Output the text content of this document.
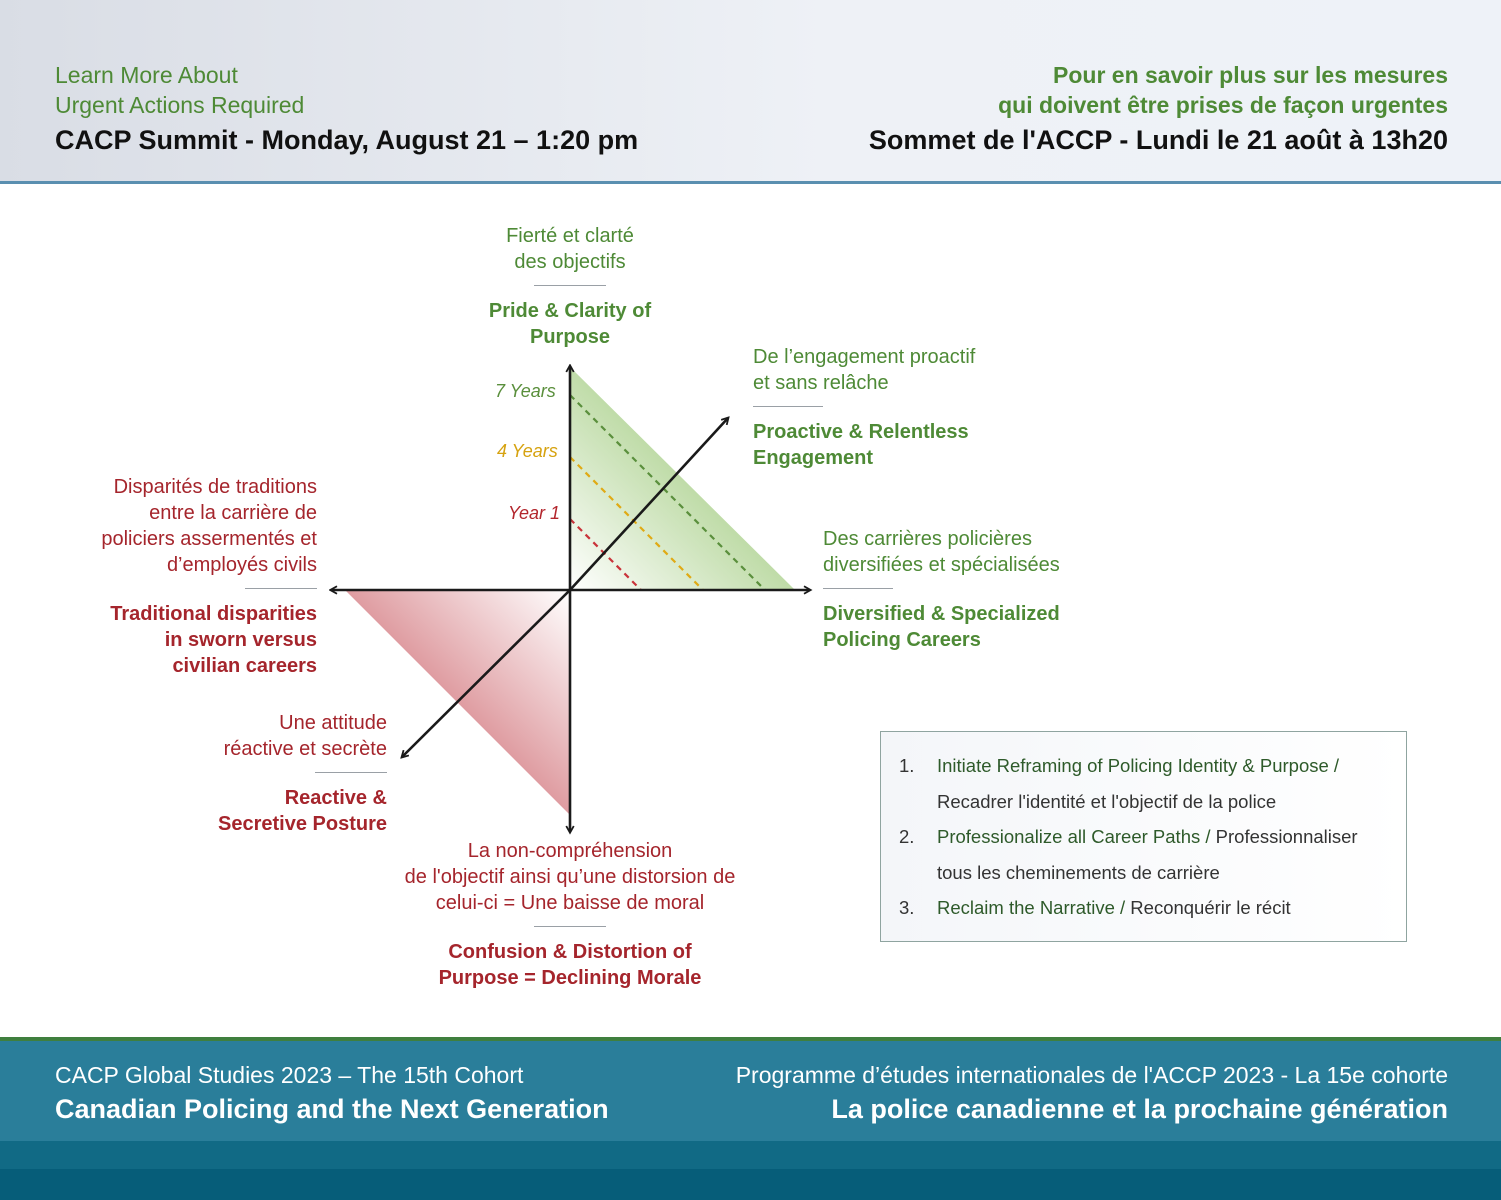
Learn More About
Urgent Actions Required
CACP Summit - Monday, August 21 – 1:20 pm
Pour en savoir plus sur les mesures
qui doivent être prises de façon urgentes
Sommet de l'ACCP - Lundi le 21 août à 13h20
7 Years
4 Years
Year 1
Fierté et clarté
des objectifs
Pride & Clarity of
Purpose
De l’engagement proactif
et sans relâche
Proactive & Relentless
Engagement
Des carrières policières
diversifiées et spécialisées
Diversified & Specialized
Policing Careers
Disparités de traditions
entre la carrière de
policiers assermentés et
d’employés civils
Traditional disparities
in sworn versus
civilian careers
Une attitude
réactive et secrète
Reactive &
Secretive Posture
La non-compréhension
de l'objectif ainsi qu’une distorsion de
celui-ci = Une baisse de moral
Confusion & Distortion of
Purpose = Declining Morale
1.	Initiate Reframing of Policing Identity & Purpose / Recadrer l'identité et l'objectif de la police
2.	Professionalize all Career Paths / Professionnaliser tous les cheminements de carrière
3.	Reclaim the Narrative / Reconquérir le récit
CACP Global Studies 2023 – The 15th Cohort
Canadian Policing and the Next Generation
Programme d’études internationales de l'ACCP 2023 - La 15e cohorte
La police canadienne et la prochaine génération
